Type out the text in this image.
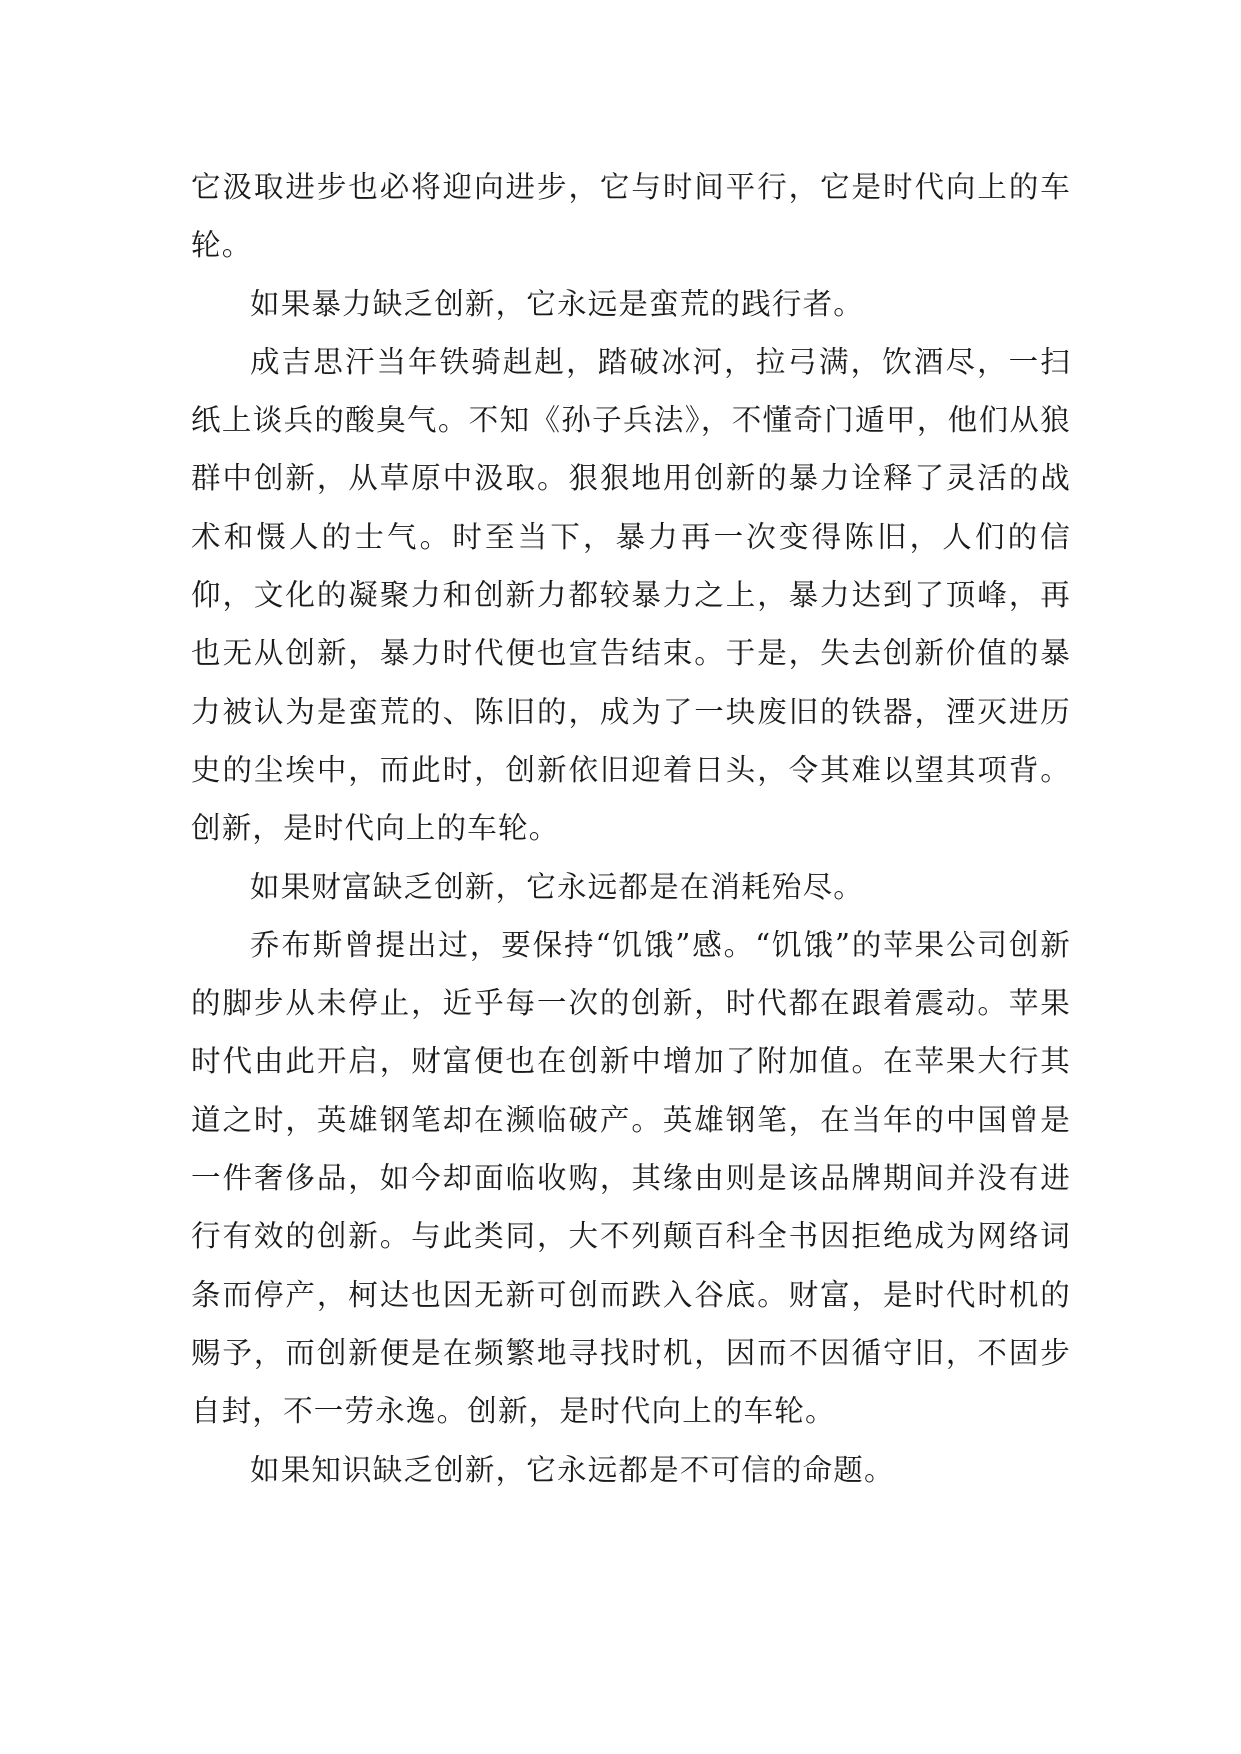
它汲取进步也必将迎向进步，它与时间平行，它是时代向上的车轮。

如果暴力缺乏创新，它永远是蛮荒的践行者。

成吉思汗当年铁骑赳赳，踏破冰河，拉弓满，饮酒尽，一扫纸上谈兵的酸臭气。不知《孙子兵法》，不懂奇门遁甲，他们从狼群中创新，从草原中汲取。狠狠地用创新的暴力诠释了灵活的战术和慑人的士气。时至当下，暴力再一次变得陈旧，人们的信仰，文化的凝聚力和创新力都较暴力之上，暴力达到了顶峰，再也无从创新，暴力时代便也宣告结束。于是，失去创新价值的暴力被认为是蛮荒的、陈旧的，成为了一块废旧的铁器，湮灭进历史的尘埃中，而此时，创新依旧迎着日头，令其难以望其项背。创新，是时代向上的车轮。

如果财富缺乏创新，它永远都是在消耗殆尽。

乔布斯曾提出过，要保持“饥饿”感。“饥饿”的苹果公司创新的脚步从未停止，近乎每一次的创新，时代都在跟着震动。苹果时代由此开启，财富便也在创新中增加了附加值。在苹果大行其道之时，英雄钢笔却在濒临破产。英雄钢笔，在当年的中国曾是一件奢侈品，如今却面临收购，其缘由则是该品牌期间并没有进行有效的创新。与此类同，大不列颠百科全书因拒绝成为网络词条而停产，柯达也因无新可创而跌入谷底。财富，是时代时机的赐予，而创新便是在频繁地寻找时机，因而不因循守旧，不固步自封，不一劳永逸。创新，是时代向上的车轮。

如果知识缺乏创新，它永远都是不可信的命题。
